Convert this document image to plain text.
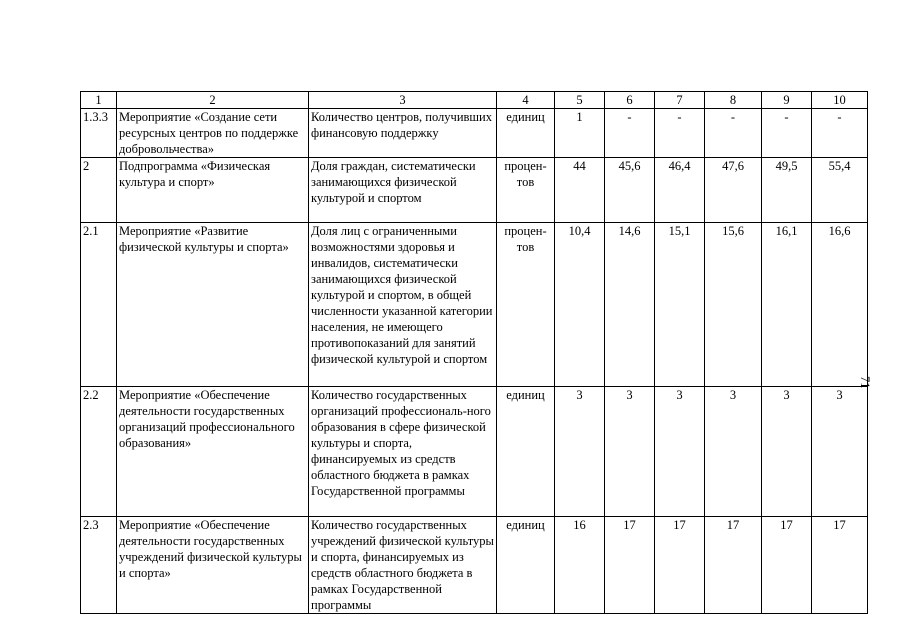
1	2	3	4	5	6	7	8	9	10
1.3.3	Мероприятие «Создание сети ресурсных центров по поддержке добровольчества»	Количество центров, получивших финансовую поддержку	единиц	1	-	-	-	-	-
2	Подпрограмма «Физическая культура и спорт»	Доля граждан, систематически занимающихся физической культурой и спортом	процен-тов	44	45,6	46,4	47,6	49,5	55,4
2.1	Мероприятие «Развитие физической культуры и спорта»	Доля лиц с ограниченными возможностями здоровья и инвалидов, систематически занимающихся физической культурой и спортом, в общей численности указанной категории населения, не имеющего противопоказаний для занятий физической культурой и спортом	процен-тов	10,4	14,6	15,1	15,6	16,1	16,6
2.2	Мероприятие «Обеспечение деятельности государственных организаций профессионального образования»	Количество государственных организаций профессиональ-ного образования в сфере физической культуры и спорта, финансируемых из средств областного бюджета в рамках Государственной программы	единиц	3	3	3	3	3	3
2.3	Мероприятие «Обеспечение деятельности государственных учреждений физической культуры и спорта»	Количество государственных учреждений физической культуры и спорта, финансируемых из средств областного бюджета в рамках Государственной программы	единиц	16	17	17	17	17	17
71
